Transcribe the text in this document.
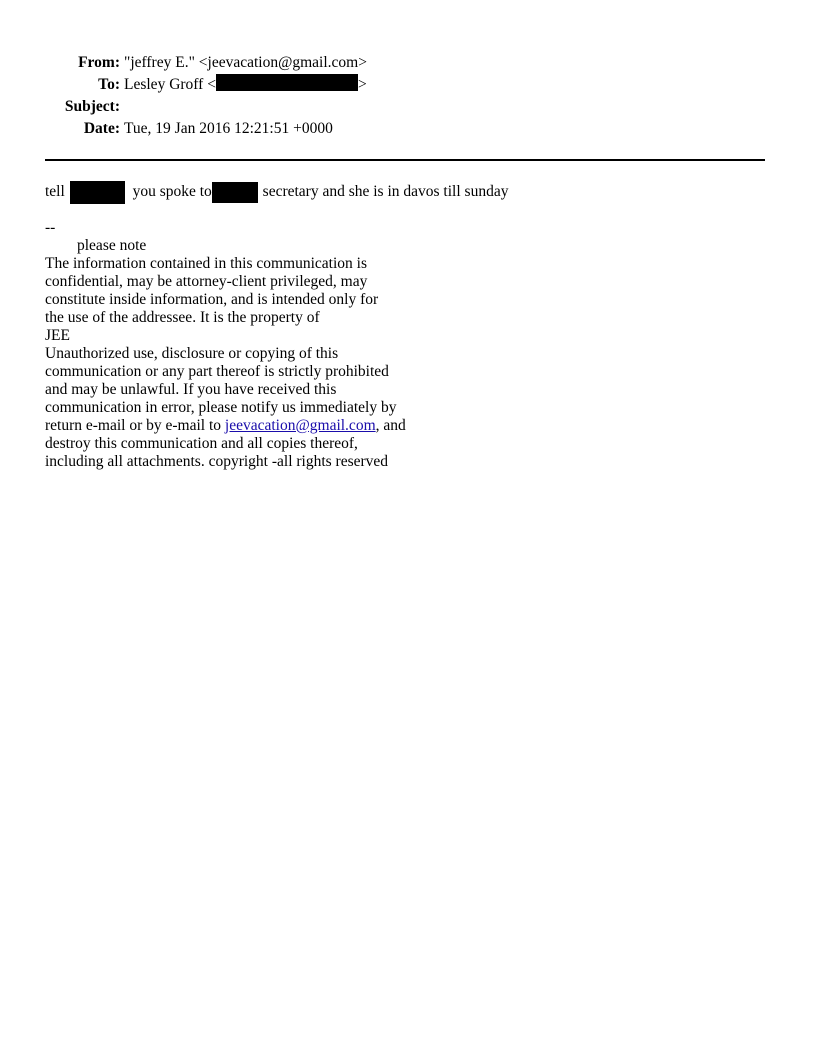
From: "jeffrey E." <jeevacation@gmail.com>
To: Lesley Groff <	>
Subject:
Date: Tue, 19 Jan 2016 12:21:51 +0000
tell	you spoke to	secretary and she is in davos till sunday
--
please note
The information contained in this communication is
confidential, may be attorney-client privileged, may
constitute inside information, and is intended only for
the use of the addressee. It is the property of
JEE
Unauthorized use, disclosure or copying of this
communication or any part thereof is strictly prohibited
and may be unlawful. If you have received this
communication in error, please notify us immediately by
return e-mail or by e-mail to jeevacation@gmail.com, and
destroy this communication and all copies thereof,
including all attachments. copyright -all rights reserved
